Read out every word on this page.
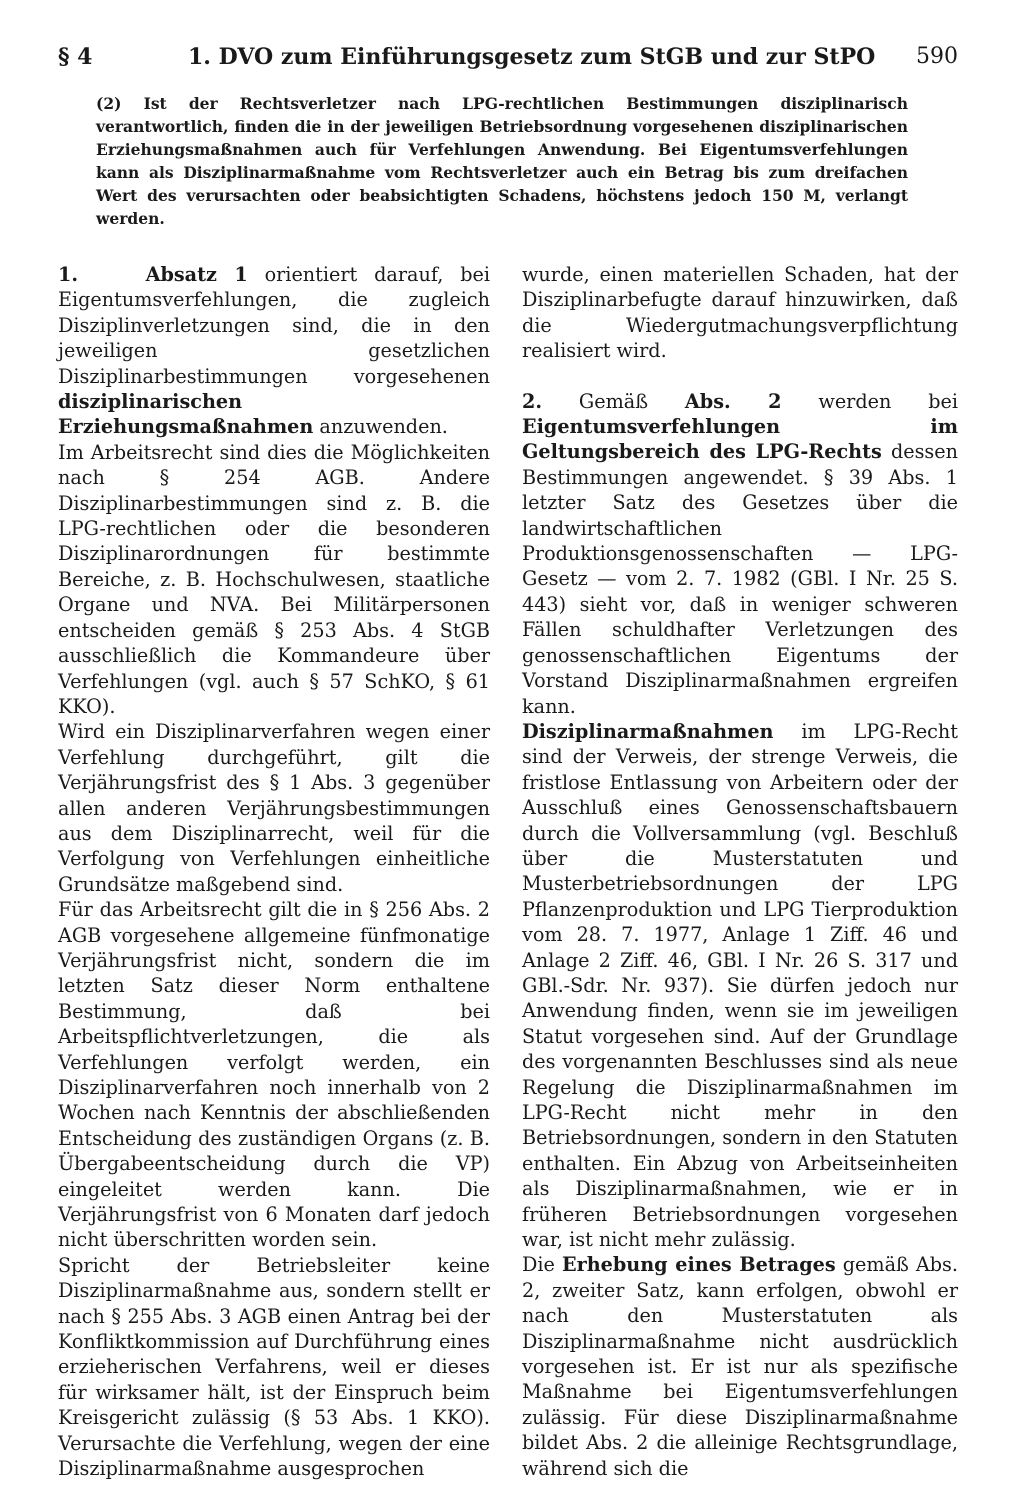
§ 4	1. DVO zum Einführungsgesetz zum StGB und zur StPO 590
(2) Ist der Rechtsverletzer nach LPG-rechtlichen Bestimmungen disziplinarisch verantwortlich, finden die in der jeweiligen Betriebsordnung vorgesehenen disziplinarischen Erziehungsmaßnahmen auch für Verfehlungen Anwendung. Bei Eigentumsverfehlungen kann als Disziplinarmaßnahme vom Rechtsverletzer auch ein Betrag bis zum dreifachen Wert des verursachten oder beabsichtigten Schadens, höchstens jedoch 150 M, verlangt werden.

1.	Absatz 1 orientiert darauf, bei Eigentumsverfehlungen, die zugleich Disziplinverletzungen sind, die in den jeweiligen gesetzlichen Disziplinarbestimmungen vorgesehenen disziplinarischen Erziehungsmaßnahmen anzuwenden.

Im Arbeitsrecht sind dies die Möglichkeiten nach § 254 AGB. Andere Disziplinarbestimmungen sind z. B. die LPG-rechtlichen oder die besonderen Disziplinarordnungen für bestimmte Bereiche, z. B. Hochschulwesen, staatliche Organe und NVA. Bei Militärpersonen entscheiden gemäß § 253 Abs. 4 StGB ausschließlich die Kommandeure über Verfehlungen (vgl. auch § 57 SchKO, § 61 KKO).

Wird ein Disziplinarverfahren wegen einer Verfehlung durchgeführt, gilt die Verjährungsfrist des § 1 Abs. 3 gegenüber allen anderen Verjährungsbestimmungen aus dem Disziplinarrecht, weil für die Verfolgung von Verfehlungen einheitliche Grundsätze maßgebend sind.

Für das Arbeitsrecht gilt die in § 256 Abs. 2 AGB vorgesehene allgemeine fünfmonatige Verjährungsfrist nicht, sondern die im letzten Satz dieser Norm enthaltene Bestimmung, daß bei Arbeitspflichtverletzungen, die als Verfehlungen verfolgt werden, ein Disziplinarverfahren noch innerhalb von 2 Wochen nach Kenntnis der abschließenden Entscheidung des zuständigen Organs (z. B. Übergabeentscheidung durch die VP) eingeleitet werden kann. Die Verjährungsfrist von 6 Monaten darf jedoch nicht überschritten worden sein.

Spricht der Betriebsleiter keine Disziplinarmaßnahme aus, sondern stellt er nach § 255 Abs. 3 AGB einen Antrag bei der Konfliktkommission auf Durchführung eines erzieherischen Verfahrens, weil er dieses für wirksamer hält, ist der Einspruch beim Kreisgericht zulässig (§ 53 Abs. 1 KKO). Verursachte die Verfehlung, wegen der eine Disziplinarmaßnahme ausgesprochen

wurde, einen materiellen Schaden, hat der Disziplinarbefugte darauf hinzuwirken, daß die Wiedergutmachungsverpflichtung realisiert wird.

2. Gemäß Abs. 2 werden bei Eigentumsverfehlungen im Geltungsbereich des LPG-Rechts dessen Bestimmungen angewendet. § 39 Abs. 1 letzter Satz des Gesetzes über die landwirtschaftlichen Produktionsgenossenschaften — LPG-Gesetz — vom 2. 7. 1982 (GBl. I Nr. 25 S. 443) sieht vor, daß in weniger schweren Fällen schuldhafter Verletzungen des genossenschaftlichen Eigentums der Vorstand Disziplinarmaßnahmen ergreifen kann.

Disziplinarmaßnahmen im LPG-Recht sind der Verweis, der strenge Verweis, die fristlose Entlassung von Arbeitern oder der Ausschluß eines Genossenschaftsbauern durch die Vollversammlung (vgl. Beschluß über die Musterstatuten und Musterbetriebsordnungen der LPG Pflanzenproduktion und LPG Tierproduktion vom 28. 7. 1977, Anlage 1 Ziff. 46 und Anlage 2 Ziff. 46, GBl. I Nr. 26 S. 317 und GBl.-Sdr. Nr. 937). Sie dürfen jedoch nur Anwendung finden, wenn sie im jeweiligen Statut vorgesehen sind. Auf der Grundlage des vorgenannten Beschlusses sind als neue Regelung die Disziplinarmaßnahmen im LPG-Recht nicht mehr in den Betriebsordnungen, sondern in den Statuten enthalten. Ein Abzug von Arbeitseinheiten als Disziplinarmaßnahmen, wie er in früheren Betriebsordnungen vorgesehen war, ist nicht mehr zulässig.

Die Erhebung eines Betrages gemäß Abs. 2, zweiter Satz, kann erfolgen, obwohl er nach den Musterstatuten als Disziplinarmaßnahme nicht ausdrücklich vorgesehen ist. Er ist nur als spezifische Maßnahme bei Eigentumsverfehlungen zulässig. Für diese Disziplinarmaßnahme bildet Abs. 2 die alleinige Rechtsgrundlage, während sich die
